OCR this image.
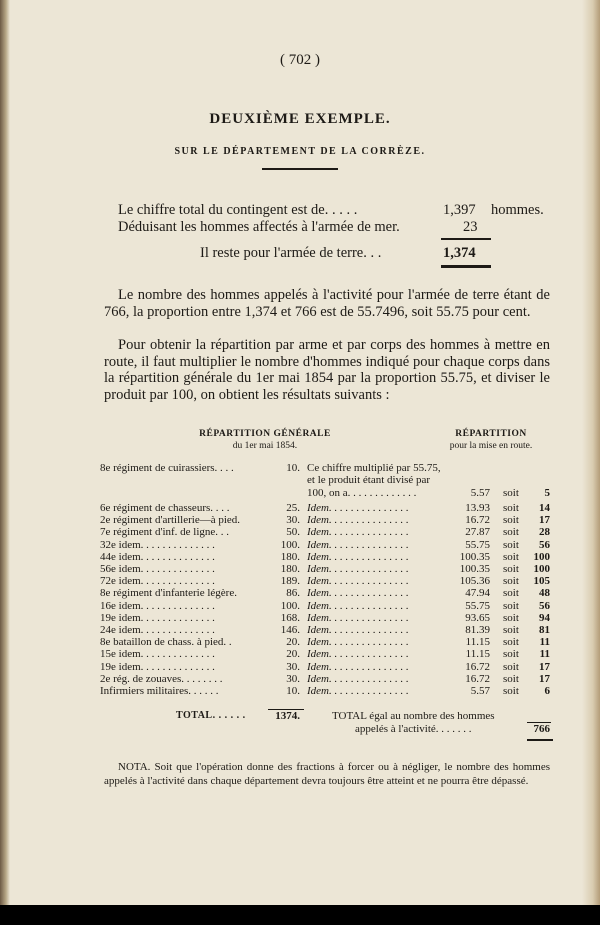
( 702 )
DEUXIÈME EXEMPLE.
SUR LE DÉPARTEMENT DE LA CORRÈZE.
Le chiffre total du contingent est de. . . . .	1,397 hommes.
Déduisant les hommes affectés à l'armée de mer.	23
Il reste pour l'armée de terre. . .	1,374
Le nombre des hommes appelés à l'activité pour l'armée de terre étant de 766, la proportion entre 1,374 et 766 est de 55.7496, soit 55.75 pour cent.
Pour obtenir la répartition par arme et par corps des hommes à mettre en route, il faut multiplier le nombre d'hommes indiqué pour chaque corps dans la répartition générale du 1er mai 1854 par la proportion 55.75, et diviser le produit par 100, on obtient les résultats suivants :
RÉPARTITION GÉNÉRALE
du 1er mai 1854.
RÉPARTITION
pour la mise en route.
8e régiment de cuirassiers. . . .	10. Ce chiffre multiplié par 55.75,
et le produit étant divisé par
100, on a. . . . . . . . . . . . .	5.57 soit	5
6e régiment de chasseurs. . . .	25. Idem. . . . . . . . . . . . . . .	13.93 soit	14
2e régiment d'artillerie—à pied.	30. Idem. . . . . . . . . . . . . . .	16.72 soit	17
7e régiment d'inf. de ligne. . .	50. Idem. . . . . . . . . . . . . . .	27.87 soit	28
32e idem. . . . . . . . . . . . . .	100. Idem. . . . . . . . . . . . . . .	55.75 soit	56
44e idem. . . . . . . . . . . . . .	180. Idem. . . . . . . . . . . . . . .	100.35 soit	100
56e idem. . . . . . . . . . . . . .	180. Idem. . . . . . . . . . . . . . .	100.35 soit	100
72e idem. . . . . . . . . . . . . .	189. Idem. . . . . . . . . . . . . . .	105.36 soit	105
8e régiment d'infanterie légère.	86. Idem. . . . . . . . . . . . . . .	47.94 soit	48
16e idem. . . . . . . . . . . . . .	100. Idem. . . . . . . . . . . . . . .	55.75 soit	56
19e idem. . . . . . . . . . . . . .	168. Idem. . . . . . . . . . . . . . .	93.65 soit	94
24e idem. . . . . . . . . . . . . .	146. Idem. . . . . . . . . . . . . . .	81.39 soit	81
8e bataillon de chass. à pied. .	20. Idem. . . . . . . . . . . . . . .	11.15 soit	11
15e idem. . . . . . . . . . . . . .	20. Idem. . . . . . . . . . . . . . .	11.15 soit	11
19e idem. . . . . . . . . . . . . .	30. Idem. . . . . . . . . . . . . . .	16.72 soit	17
2e rég. de zouaves. . . . . . . .	30. Idem. . . . . . . . . . . . . . .	16.72 soit	17
Infirmiers militaires. . . . . .	10. Idem. . . . . . . . . . . . . . .	5.57 soit	6
TOTAL. . . . . .	1374.	TOTAL égal au nombre des hommes
appelés à l'activité. . . . . . .	766
NOTA. Soit que l'opération donne des fractions à forcer ou à négliger, le nombre des hommes appelés à l'activité dans chaque département devra toujours être atteint et ne pourra être dépassé.
